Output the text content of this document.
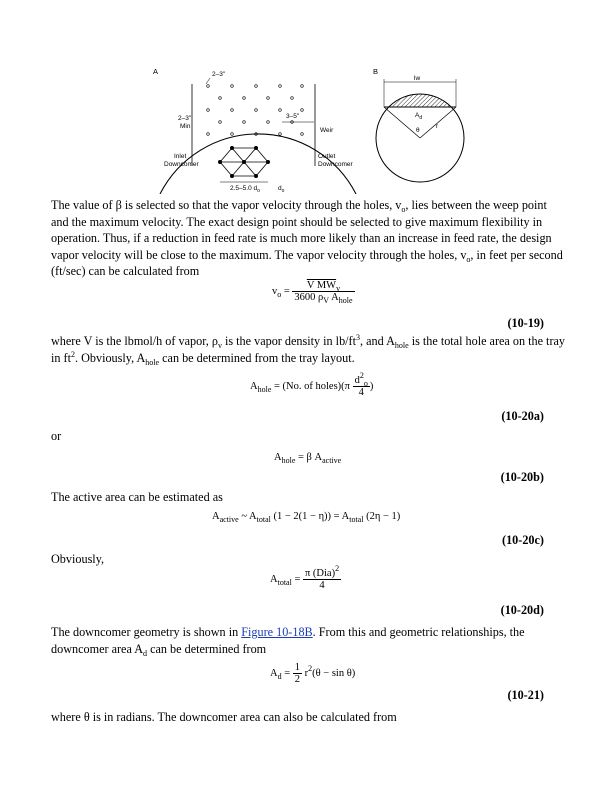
A	2–3"
2–3"
Min
3–5"
Weir
Inlet
Downcomer
Outlet
Downcomer
2.5–5.0 $d_o$	$d_o$
B
lw
$A_d$
θ
r

The value of β is selected so that the vapor velocity through the holes, $v_o$, lies between the weep point and the maximum velocity. The exact design point should be selected to give maximum flexibility in operation. Thus, if a reduction in feed rate is much more likely than an increase in feed rate, the design vapor velocity will be close to the maximum. The vapor velocity through the holes, $v_o$, in feet per second (ft/sec) can be calculated from

$v_o = \frac{V MW_v}{3600 \rho_V A_{hole}}$
(10-19)

where V is the lbmol/h of vapor, $\rho_v$ is the vapor density in $lb/ft^3$, and $A_{hole}$ is the total hole area on the tray in $ft^2$. Obviously, $A_{hole}$ can be determined from the tray layout.

$A_{hole} = (No$. of holes)(π $\frac{d^2_o}{4}$ )
(10-20a)

or

$A_{hole} = \beta$ $A_{active}$
(10-20b)

The active area can be estimated as

$A_{active}$ ~ $A_{total}$ $(1 - 2(1 - \eta)) = A_{total}$ (2η − 1)
(10-20c)

Obviously,

$A_{total} = \frac{\pi (Dia)^2}{4}$
(10-20d)

The downcomer geometry is shown in Figure 10-18B. From this and geometric relationships, the downcomer area $A_d$ can be determined from

$A_d = \frac{1}{2} r^2(\theta - \sin \theta)$
(10-21)

where θ is in radians. The downcomer area can also be calculated from
